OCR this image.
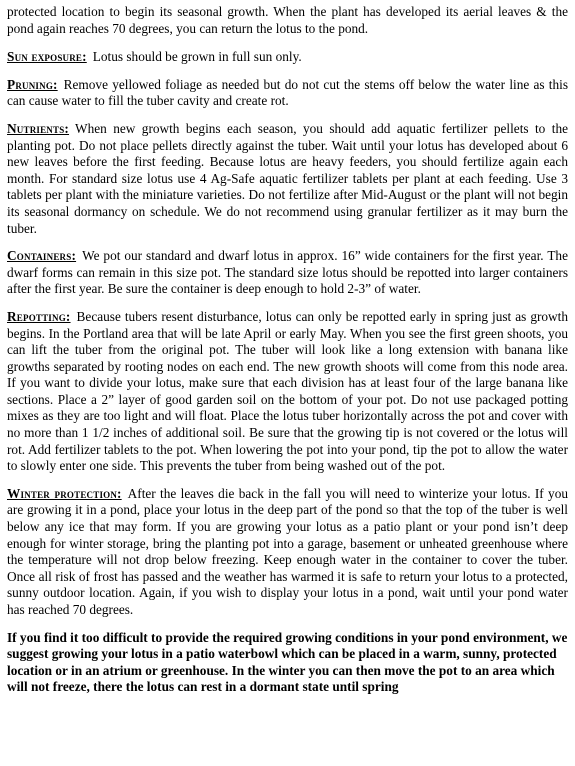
protected location to begin its seasonal growth. When the plant has developed its aerial leaves & the pond again reaches 70 degrees, you can return the lotus to the pond.

Sun exposure: Lotus should be grown in full sun only.

Pruning: Remove yellowed foliage as needed but do not cut the stems off below the water line as this can cause water to fill the tuber cavity and create rot.

Nutrients: When new growth begins each season, you should add aquatic fertilizer pellets to the planting pot. Do not place pellets directly against the tuber. Wait until your lotus has developed about 6 new leaves before the first feeding. Because lotus are heavy feeders, you should fertilize again each month. For standard size lotus use 4 Ag-Safe aquatic fertilizer tablets per plant at each feeding. Use 3 tablets per plant with the miniature varieties. Do not fertilize after Mid-August or the plant will not begin its seasonal dormancy on schedule. We do not recommend using granular fertilizer as it may burn the tuber.

Containers: We pot our standard and dwarf lotus in approx. 16” wide containers for the first year. The dwarf forms can remain in this size pot. The standard size lotus should be repotted into larger containers after the first year. Be sure the container is deep enough to hold 2-3” of water.

Repotting: Because tubers resent disturbance, lotus can only be repotted early in spring just as growth begins. In the Portland area that will be late April or early May. When you see the first green shoots, you can lift the tuber from the original pot. The tuber will look like a long extension with banana like growths separated by rooting nodes on each end. The new growth shoots will come from this node area. If you want to divide your lotus, make sure that each division has at least four of the large banana like sections. Place a 2” layer of good garden soil on the bottom of your pot. Do not use packaged potting mixes as they are too light and will float. Place the lotus tuber horizontally across the pot and cover with no more than 1 1/2 inches of additional soil. Be sure that the growing tip is not covered or the lotus will rot. Add fertilizer tablets to the pot. When lowering the pot into your pond, tip the pot to allow the water to slowly enter one side. This prevents the tuber from being washed out of the pot.

Winter protection: After the leaves die back in the fall you will need to winterize your lotus. If you are growing it in a pond, place your lotus in the deep part of the pond so that the top of the tuber is well below any ice that may form. If you are growing your lotus as a patio plant or your pond isn’t deep enough for winter storage, bring the planting pot into a garage, basement or unheated greenhouse where the temperature will not drop below freezing. Keep enough water in the container to cover the tuber. Once all risk of frost has passed and the weather has warmed it is safe to return your lotus to a protected, sunny outdoor location. Again, if you wish to display your lotus in a pond, wait until your pond water has reached 70 degrees.

If you find it too difficult to provide the required growing conditions in your pond environment, we suggest growing your lotus in a patio waterbowl which can be placed in a warm, sunny, protected location or in an atrium or greenhouse. In the winter you can then move the pot to an area which will not freeze, there the lotus can rest in a dormant state until spring
